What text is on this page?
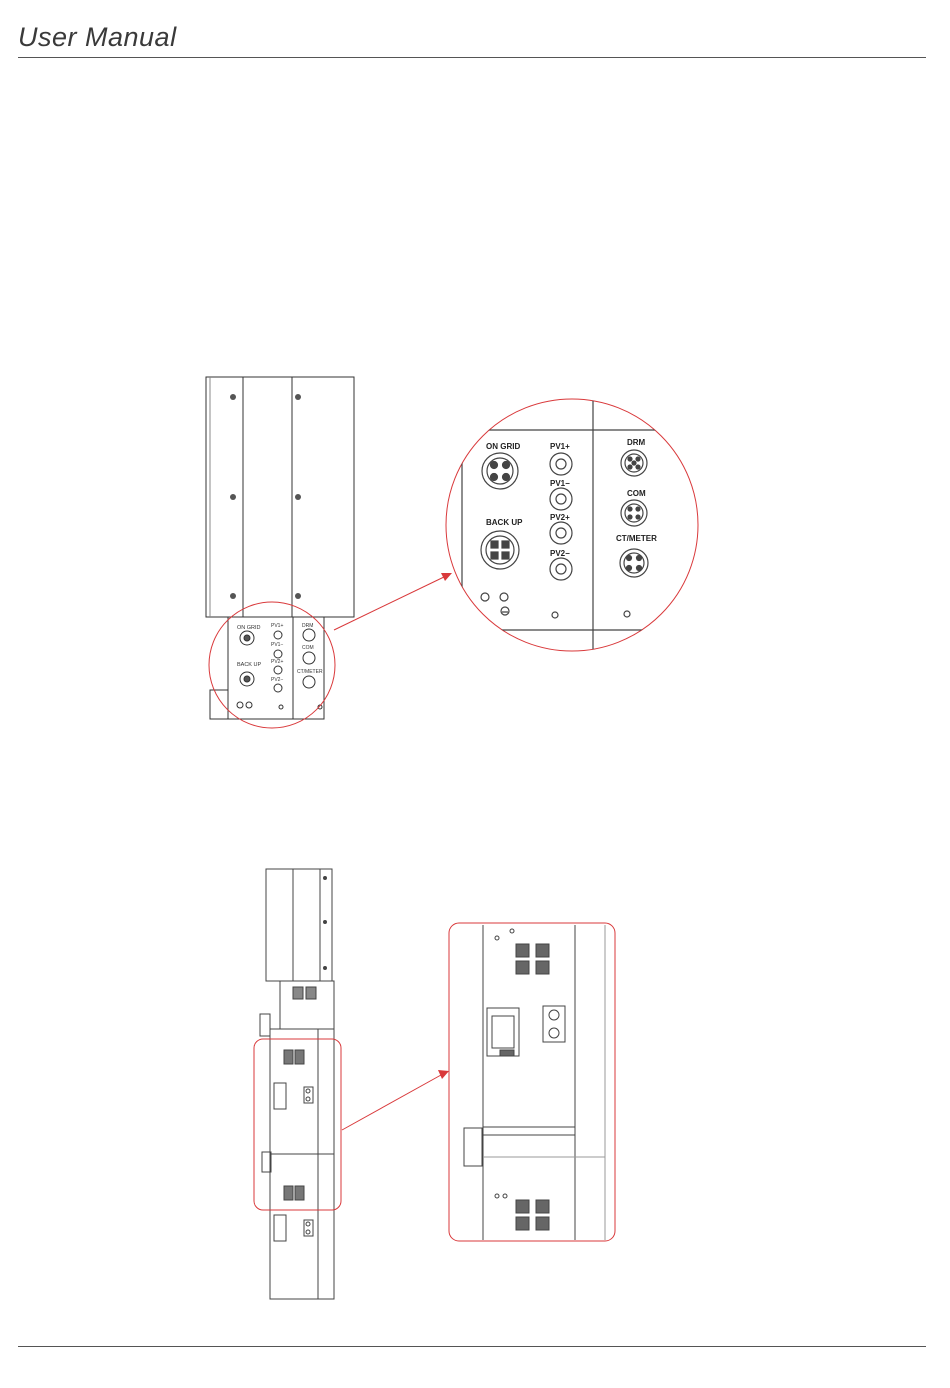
User Manual
ON GRID
BACK UP
PV1+
PV1−
PV2+
PV2−
DRM
COM
CT/METER
ON GRID
BACK UP
PV1+
PV1−
PV2+
PV2−
DRM
COM
CT/METER
